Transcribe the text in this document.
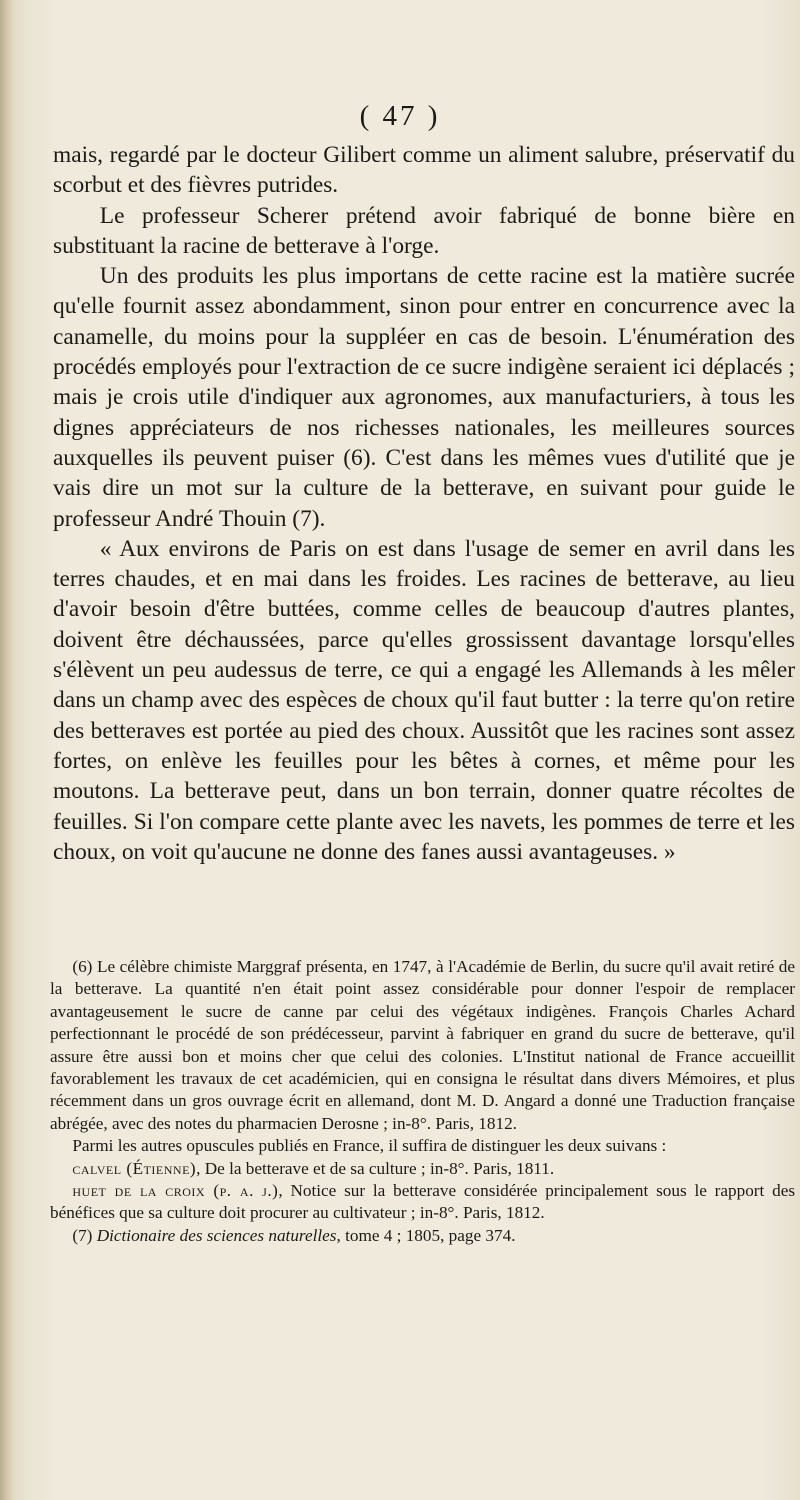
( 47 )

mais, regardé par le docteur Gilibert comme un aliment salubre, préservatif du scorbut et des fièvres putrides.

Le professeur Scherer prétend avoir fabriqué de bonne bière en substituant la racine de betterave à l'orge.

Un des produits les plus importans de cette racine est la matière sucrée qu'elle fournit assez abondamment, sinon pour entrer en concurrence avec la canamelle, du moins pour la suppléer en cas de besoin. L'énumération des procédés employés pour l'extraction de ce sucre indigène seraient ici déplacés ; mais je crois utile d'indiquer aux agronomes, aux manufacturiers, à tous les dignes appréciateurs de nos richesses nationales, les meilleures sources auxquelles ils peuvent puiser (6). C'est dans les mêmes vues d'utilité que je vais dire un mot sur la culture de la betterave, en suivant pour guide le professeur André Thouin (7).

« Aux environs de Paris on est dans l'usage de semer en avril dans les terres chaudes, et en mai dans les froides. Les racines de betterave, au lieu d'avoir besoin d'être buttées, comme celles de beaucoup d'autres plantes, doivent être déchaussées, parce qu'elles grossissent davantage lorsqu'elles s'élèvent un peu audessus de terre, ce qui a engagé les Allemands à les mêler dans un champ avec des espèces de choux qu'il faut butter : la terre qu'on retire des betteraves est portée au pied des choux. Aussitôt que les racines sont assez fortes, on enlève les feuilles pour les bêtes à cornes, et même pour les moutons. La betterave peut, dans un bon terrain, donner quatre récoltes de feuilles. Si l'on compare cette plante avec les navets, les pommes de terre et les choux, on voit qu'aucune ne donne des fanes aussi avantageuses. »

(6) Le célèbre chimiste Marggraf présenta, en 1747, à l'Académie de Berlin, du sucre qu'il avait retiré de la betterave. La quantité n'en était point assez considérable pour donner l'espoir de remplacer avantageusement le sucre de canne par celui des végétaux indigènes. François Charles Achard perfectionnant le procédé de son prédécesseur, parvint à fabriquer en grand du sucre de betterave, qu'il assure être aussi bon et moins cher que celui des colonies. L'Institut national de France accueillit favorablement les travaux de cet académicien, qui en consigna le résultat dans divers Mémoires, et plus récemment dans un gros ouvrage écrit en allemand, dont M. D. Angard a donné une Traduction française abrégée, avec des notes du pharmacien Derosne ; in-8°. Paris, 1812.

Parmi les autres opuscules publiés en France, il suffira de distinguer les deux suivans :

calvel (Étienne), De la betterave et de sa culture ; in-8°. Paris, 1811.

huet de la croix (p. a. j.), Notice sur la betterave considérée principalement sous le rapport des bénéfices que sa culture doit procurer au cultivateur ; in-8°. Paris, 1812.

(7) Dictionaire des sciences naturelles, tome 4 ; 1805, page 374.
